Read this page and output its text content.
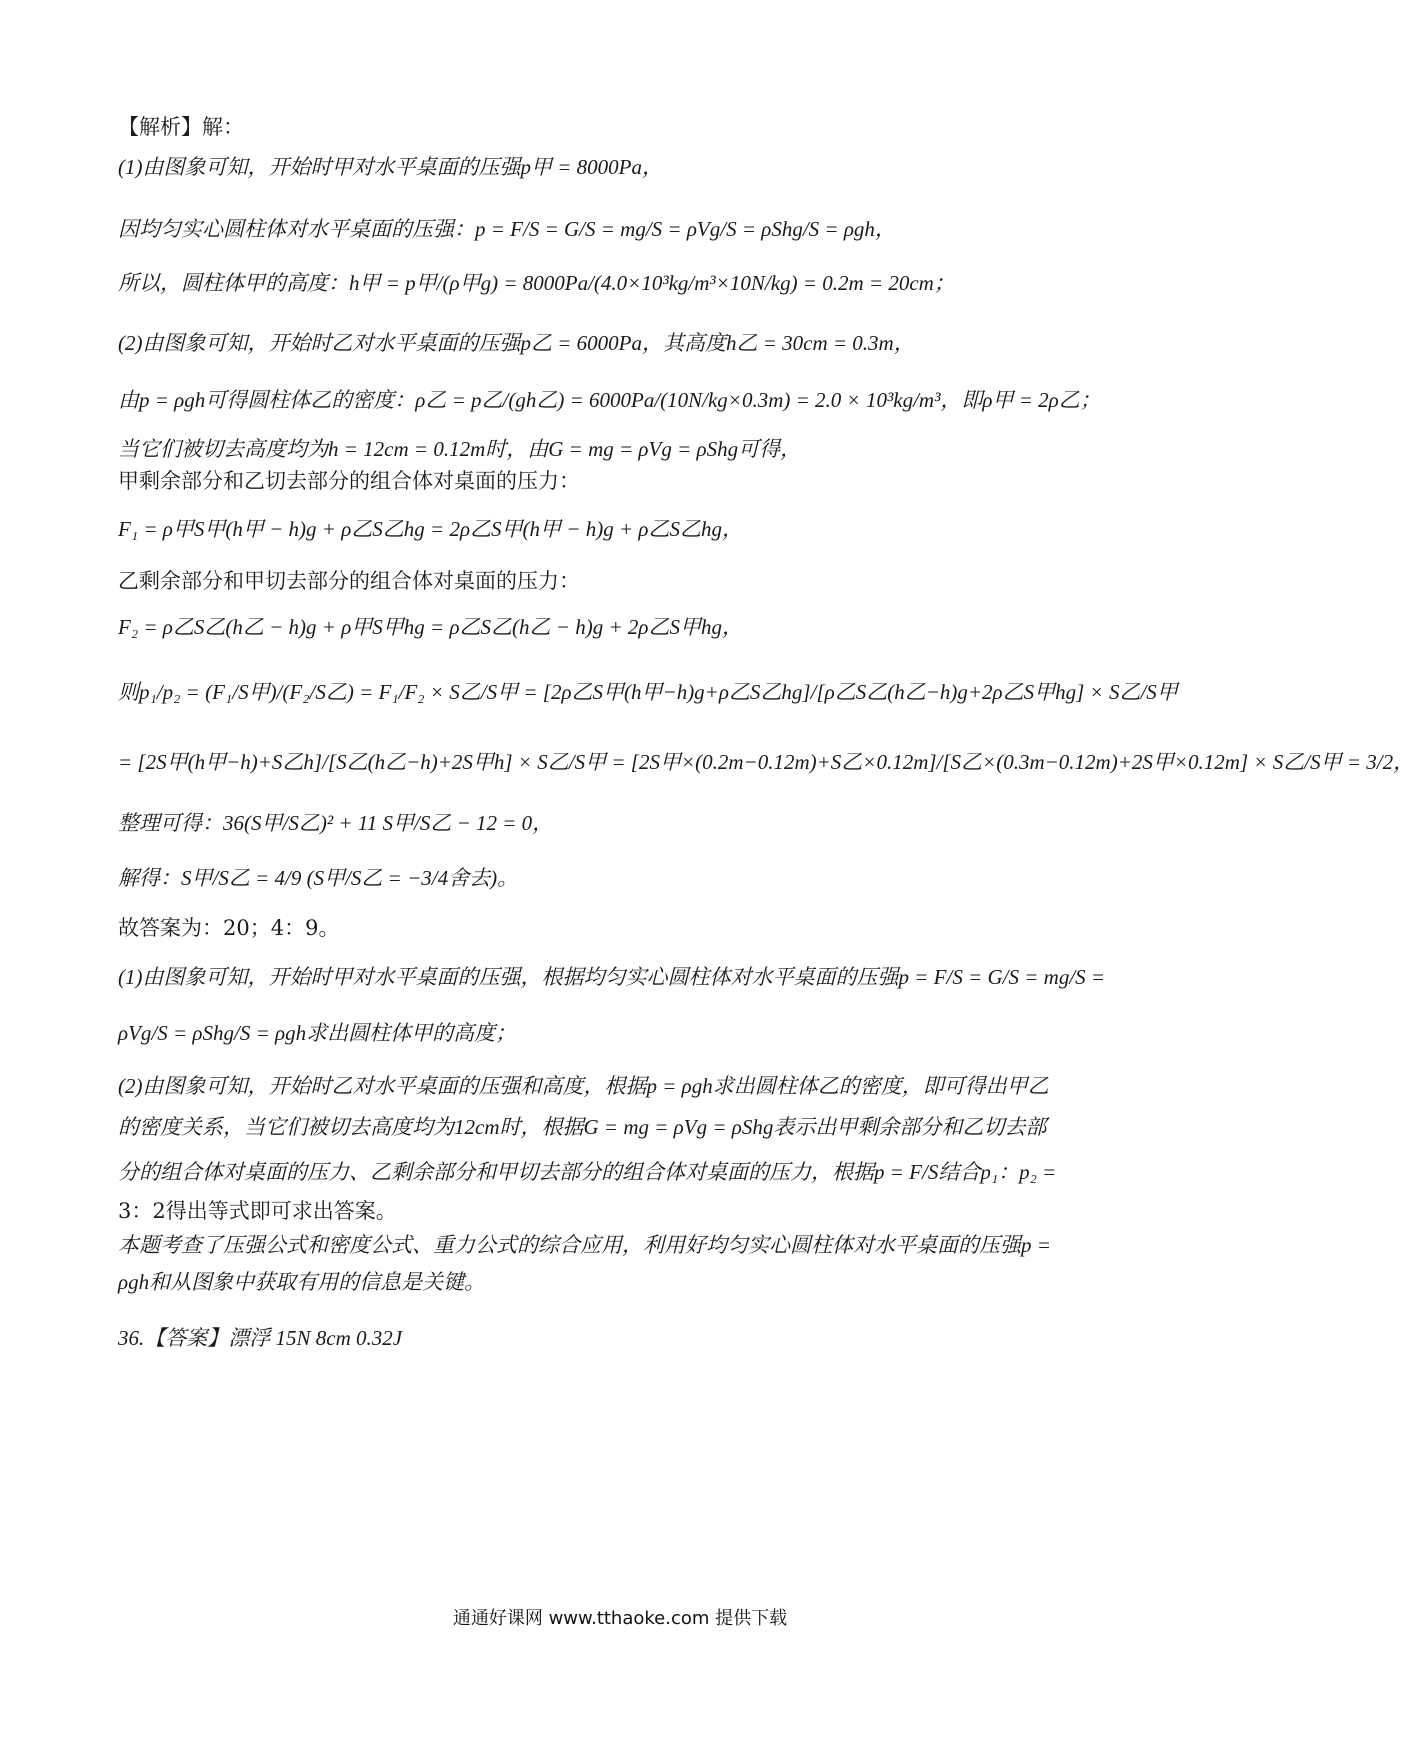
【解析】解：
(1)由图象可知，开始时甲对水平桌面的压强p甲 = 8000Pa，
因均匀实心圆柱体对水平桌面的压强：p = F/S = G/S = mg/S = ρVg/S = ρShg/S = ρgh，
所以，圆柱体甲的高度：h甲 = p甲/(ρ甲g) = 8000Pa/(4.0×10³kg/m³×10N/kg) = 0.2m = 20cm；
(2)由图象可知，开始时乙对水平桌面的压强p乙 = 6000Pa，其高度h乙 = 30cm = 0.3m，
由p = ρgh可得圆柱体乙的密度：ρ乙 = p乙/(gh乙) = 6000Pa/(10N/kg×0.3m) = 2.0 × 10³kg/m³，即ρ甲 = 2ρ乙；
当它们被切去高度均为h = 12cm = 0.12m时，由G = mg = ρVg = ρShg可得，
甲剩余部分和乙切去部分的组合体对桌面的压力：
F₁ = ρ甲S甲(h甲 − h)g + ρ乙S乙hg = 2ρ乙S甲(h甲 − h)g + ρ乙S乙hg，
乙剩余部分和甲切去部分的组合体对桌面的压力：
F₂ = ρ乙S乙(h乙 − h)g + ρ甲S甲hg = ρ乙S乙(h乙 − h)g + 2ρ乙S甲hg，
则p₁/p₂ = (F₁/S甲)/(F₂/S乙) = F₁/F₂ × S乙/S甲 = [2ρ乙S甲(h甲−h)g+ρ乙S乙hg]/[ρ乙S乙(h乙−h)g+2ρ乙S甲hg] × S乙/S甲
= [2S甲(h甲−h)+S乙h]/[S乙(h乙−h)+2S甲h] × S乙/S甲 = [2S甲×(0.2m−0.12m)+S乙×0.12m]/[S乙×(0.3m−0.12m)+2S甲×0.12m] × S乙/S甲 = 3/2，
整理可得：36(S甲/S乙)² + 11 S甲/S乙 − 12 = 0，
解得：S甲/S乙 = 4/9 (S甲/S乙 = −3/4舍去)。
故答案为：20；4：9。
(1)由图象可知，开始时甲对水平桌面的压强，根据均匀实心圆柱体对水平桌面的压强p = F/S = G/S = mg/S =
ρVg/S = ρShg/S = ρgh求出圆柱体甲的高度；
(2)由图象可知，开始时乙对水平桌面的压强和高度，根据p = ρgh求出圆柱体乙的密度，即可得出甲乙
的密度关系，当它们被切去高度均为12cm时，根据G = mg = ρVg = ρShg表示出甲剩余部分和乙切去部
分的组合体对桌面的压力、乙剩余部分和甲切去部分的组合体对桌面的压力，根据p = F/S结合p₁：p₂ =
3：2得出等式即可求出答案。
本题考查了压强公式和密度公式、重力公式的综合应用，利用好均匀实心圆柱体对水平桌面的压强p =
ρgh和从图象中获取有用的信息是关键。
36.【答案】漂浮 15N 8cm 0.32J
通通好课网 www.tthaoke.com 提供下载
